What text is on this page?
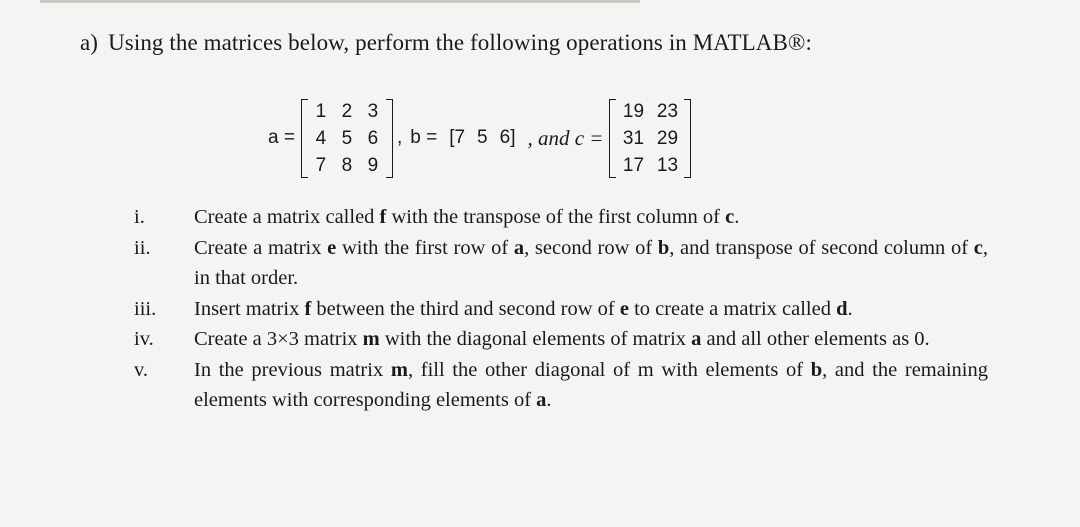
a) Using the matrices below, perform the following operations in MATLAB®:
a =
1 2 3
4 5 6
7 8 9
, b = [7 5 6] , and c =
19 23
31 29
17 13
i.	Create a matrix called f with the transpose of the first column of c.
ii.	Create a matrix e with the first row of a, second row of b, and transpose of second column of c, in that order.
iii.	Insert matrix f between the third and second row of e to create a matrix called d.
iv.	Create a 3×3 matrix m with the diagonal elements of matrix a and all other elements as 0.
v.	In the previous matrix m, fill the other diagonal of m with elements of b, and the remaining elements with corresponding elements of a.
